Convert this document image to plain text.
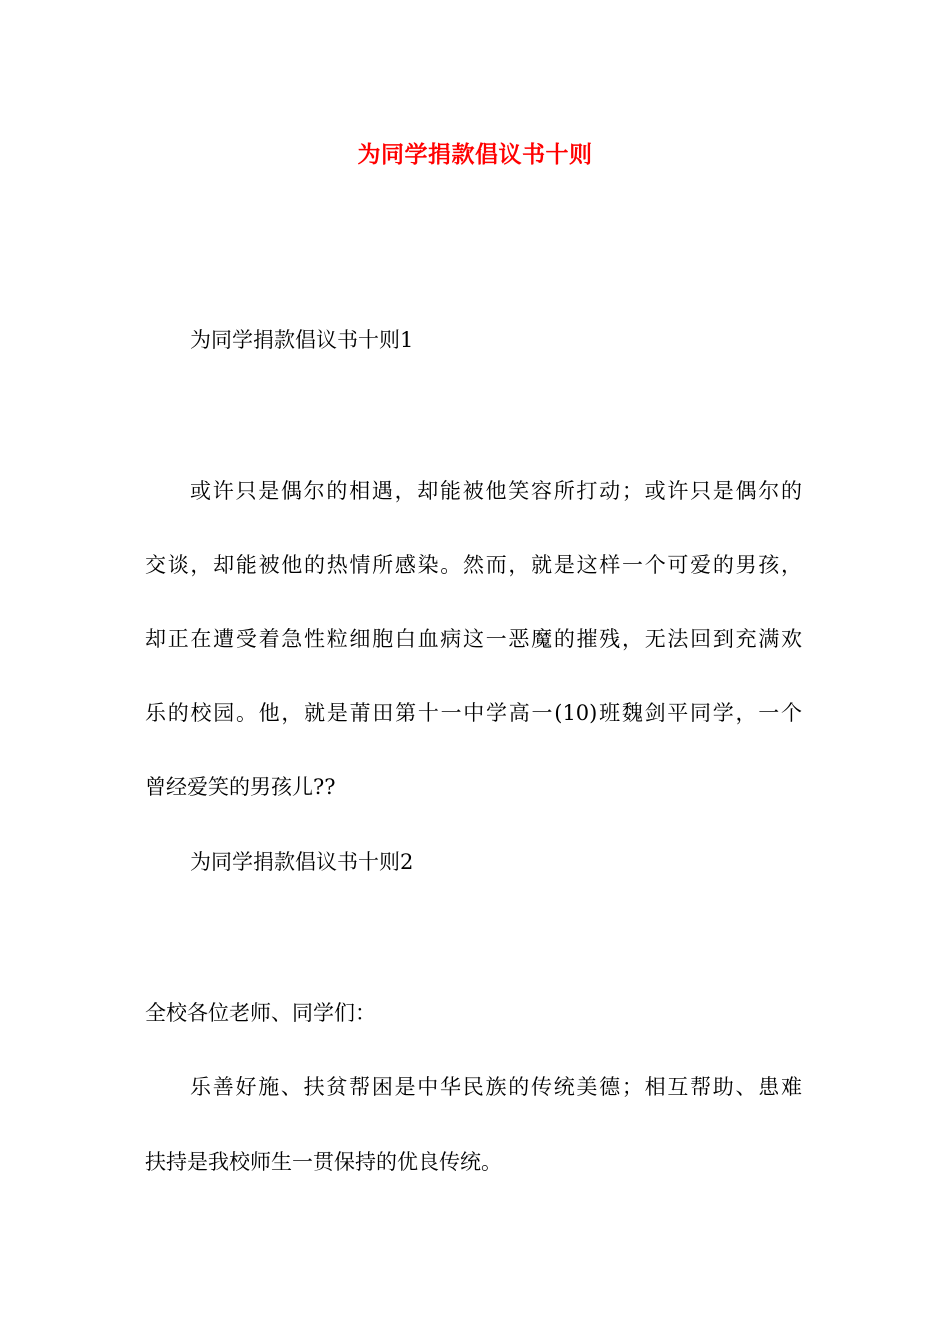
为同学捐款倡议书十则
为同学捐款倡议书十则1
或许只是偶尔的相遇，却能被他笑容所打动；或许只是偶尔的
交谈，却能被他的热情所感染。然而，就是这样一个可爱的男孩，
却正在遭受着急性粒细胞白血病这一恶魔的摧残，无法回到充满欢
乐的校园。他，就是莆田第十一中学高一(10)班魏剑平同学，一个
曾经爱笑的男孩儿??
为同学捐款倡议书十则2
全校各位老师、同学们：
乐善好施、扶贫帮困是中华民族的传统美德；相互帮助、患难
扶持是我校师生一贯保持的优良传统。
